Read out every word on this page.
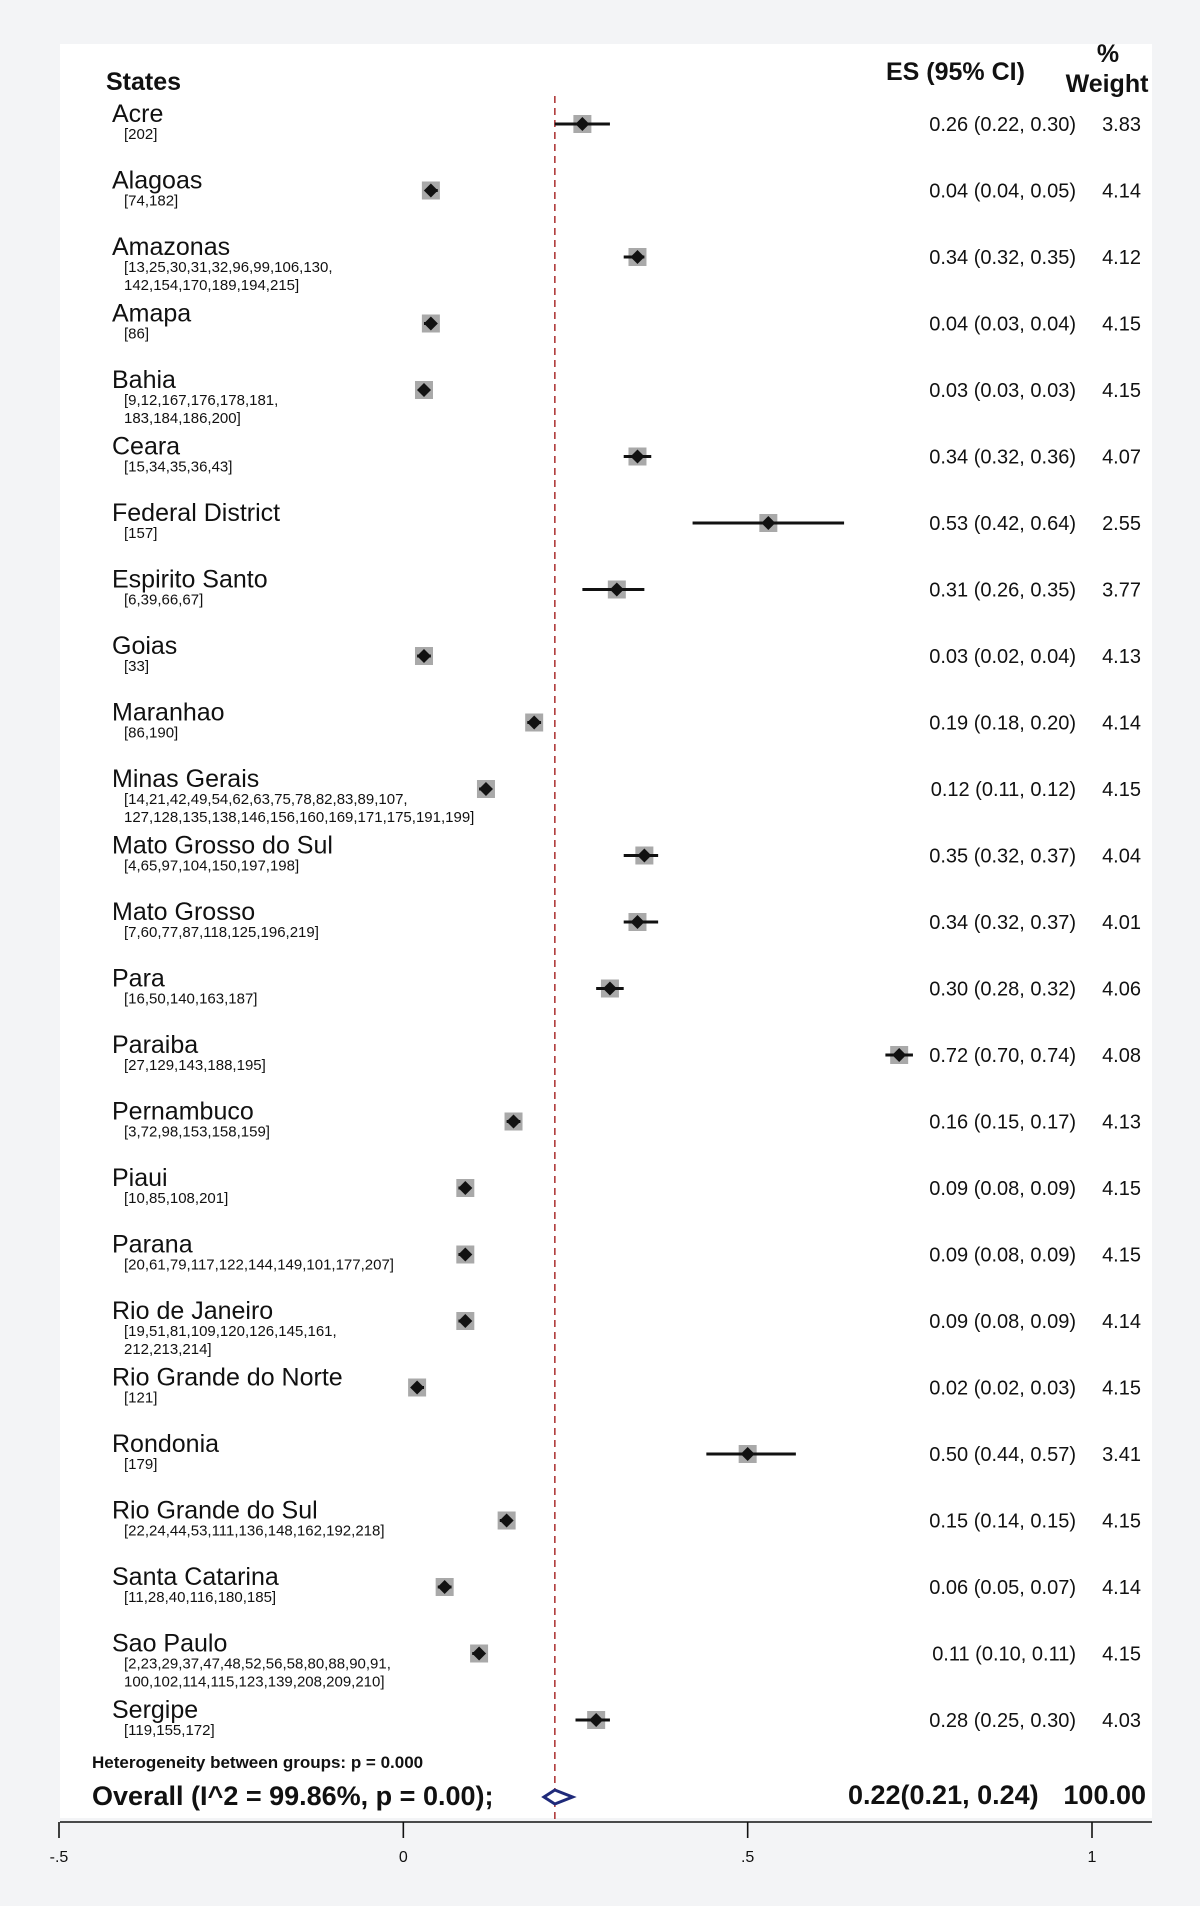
States	ES (95% CI)
%
Weight
Acre
[202]	0.26 (0.22, 0.30) 3.83
Alagoas
[74,182]	0.04 (0.04, 0.05) 4.14
Amazonas
[13,25,30,31,32,96,99,106,130,
142,154,170,189,194,215]
0.34 (0.32, 0.35) 4.12
Amapa
[86]	0.04 (0.03, 0.04) 4.15
Bahia
[9,12,167,176,178,181,
183,184,186,200]
0.03 (0.03, 0.03) 4.15
Ceara
[15,34,35,36,43]	0.34 (0.32, 0.36) 4.07
Federal District
[157]	0.53 (0.42, 0.64) 2.55
Espirito Santo
[6,39,66,67]	0.31 (0.26, 0.35) 3.77
Goias
[33]	0.03 (0.02, 0.04) 4.13
Maranhao
[86,190]	0.19 (0.18, 0.20) 4.14
Minas Gerais
[14,21,42,49,54,62,63,75,78,82,83,89,107,
127,128,135,138,146,156,160,169,171,175,191,199]
0.12 (0.11, 0.12) 4.15
Mato Grosso do Sul
[4,65,97,104,150,197,198]	0.35 (0.32, 0.37) 4.04
Mato Grosso
[7,60,77,87,118,125,196,219]	0.34 (0.32, 0.37) 4.01
Para
[16,50,140,163,187]	0.30 (0.28, 0.32) 4.06
Paraiba
[27,129,143,188,195]	0.72 (0.70, 0.74) 4.08
Pernambuco
[3,72,98,153,158,159]	0.16 (0.15, 0.17) 4.13
Piaui
[10,85,108,201]	0.09 (0.08, 0.09) 4.15
Parana
[20,61,79,117,122,144,149,101,177,207]	0.09 (0.08, 0.09) 4.15
Rio de Janeiro
[19,51,81,109,120,126,145,161,
212,213,214]
0.09 (0.08, 0.09) 4.14
Rio Grande do Norte
[121]	0.02 (0.02, 0.03) 4.15
Rondonia
[179]	0.50 (0.44, 0.57) 3.41
Rio Grande do Sul
[22,24,44,53,111,136,148,162,192,218]	0.15 (0.14, 0.15) 4.15
Santa Catarina
[11,28,40,116,180,185]	0.06 (0.05, 0.07) 4.14
Sao Paulo
[2,23,29,37,47,48,52,56,58,80,88,90,91,
100,102,114,115,123,139,208,209,210]
0.11 (0.10, 0.11) 4.15
Sergipe
[119,155,172]	0.28 (0.25, 0.30) 4.03
Heterogeneity between groups: p = 0.000
Overall (I^2 = 99.86%, p = 0.00);	0.22(0.21, 0.24) 100.00
-.5	0	.5	1
